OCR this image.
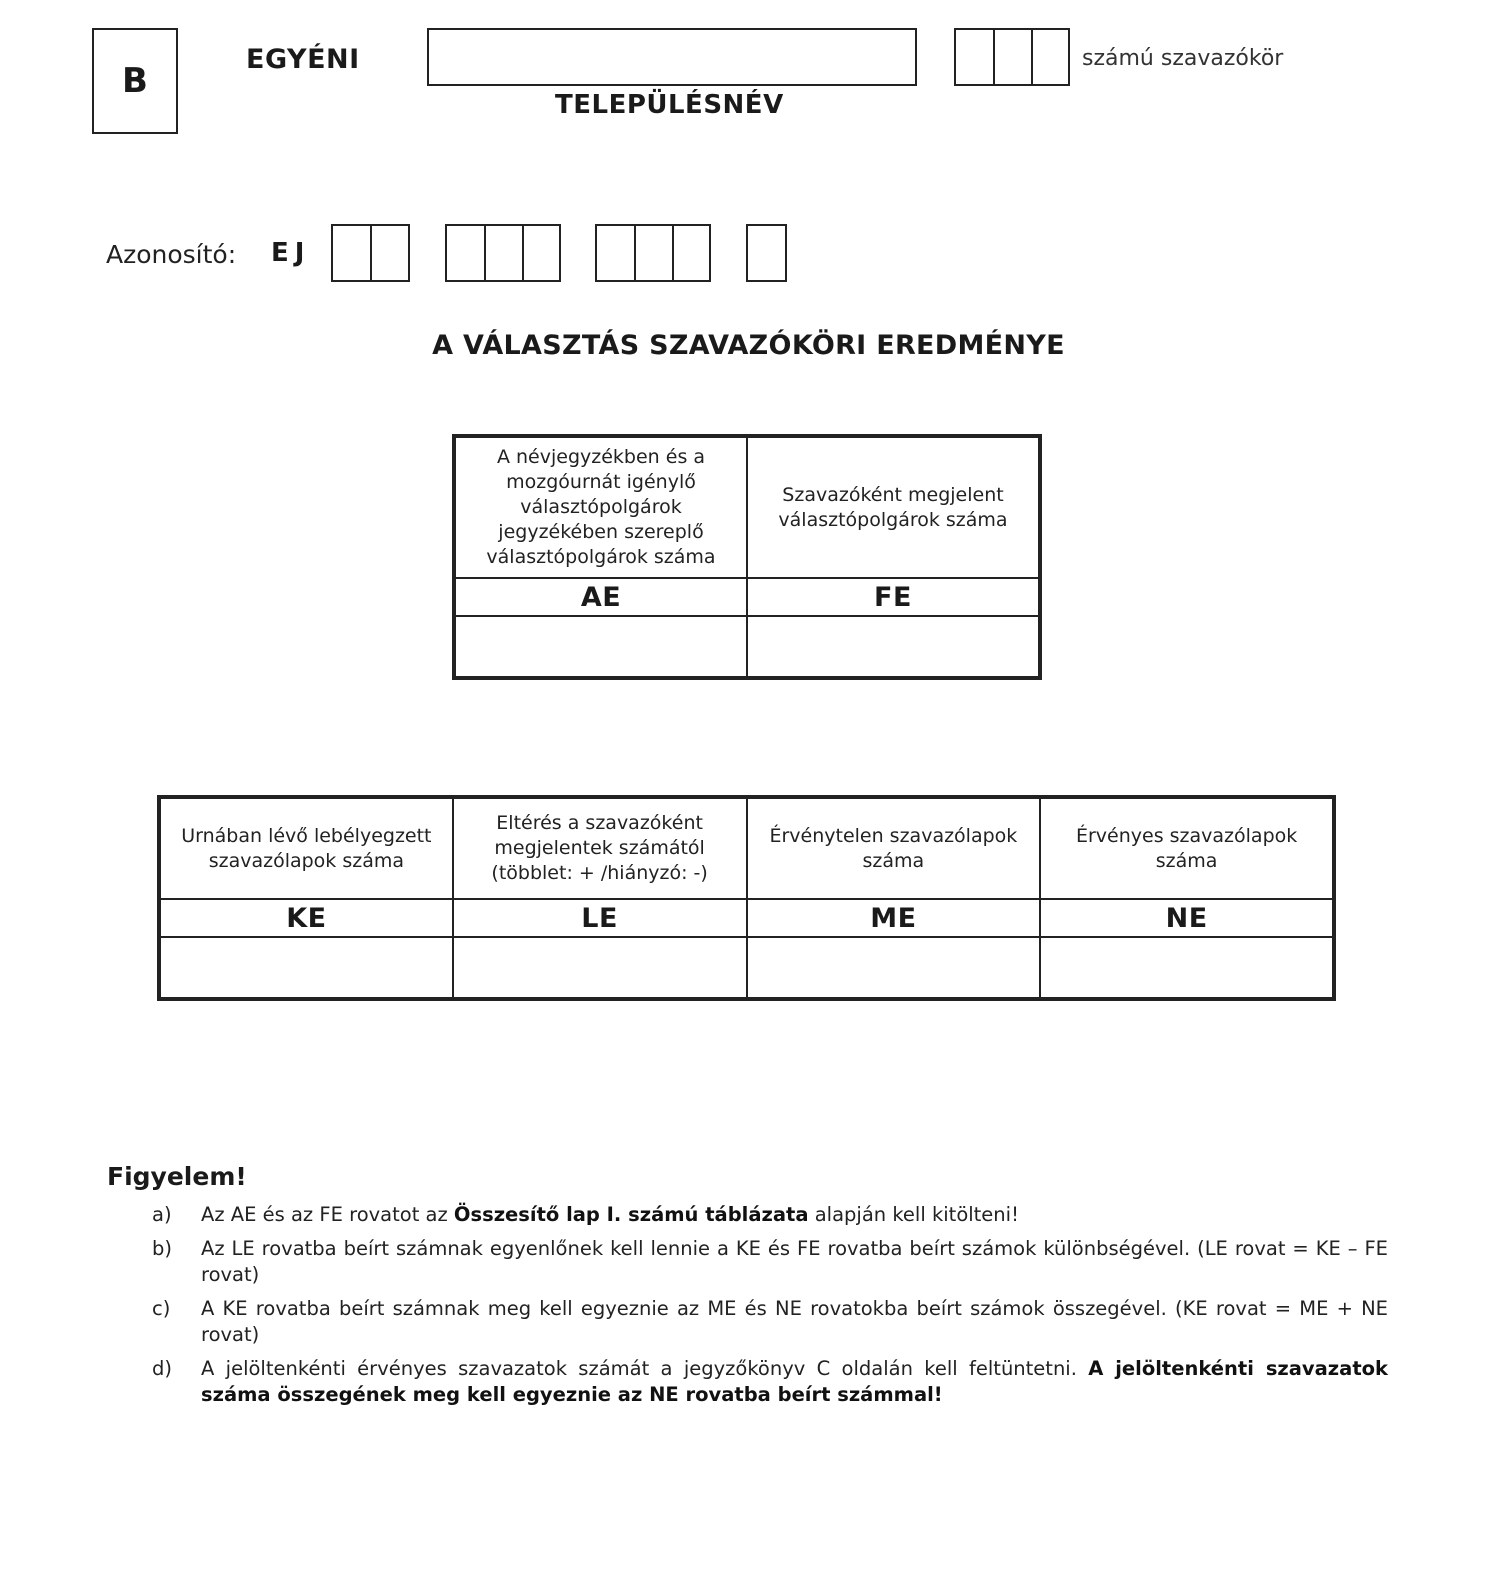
B
EGYÉNI
TELEPÜLÉSNÉV
számú szavazókör
Azonosító: EJ
A VÁLASZTÁS SZAVAZÓKÖRI EREDMÉNYE
A névjegyzékben és a mozgóurnát igénylő választópolgárok jegyzékében szereplő választópolgárok száma	Szavazóként megjelent választópolgárok száma
AE	FE

Urnában lévő lebélyegzett szavazólapok száma	Eltérés a szavazóként megjelentek számától (többlet: + /hiányzó: -)	Érvénytelen szavazólapok száma	Érvényes szavazólapok száma
KE	LE	ME	NE

Figyelem!
a)	Az AE és az FE rovatot az Összesítő lap I. számú táblázata alapján kell kitölteni!
b)	Az LE rovatba beírt számnak egyenlőnek kell lennie a KE és FE rovatba beírt számok különbségével. (LE rovat = KE – FE rovat)
c)	A KE rovatba beírt számnak meg kell egyeznie az ME és NE rovatokba beírt számok összegével. (KE rovat = ME + NE rovat)
d)	A jelöltenkénti érvényes szavazatok számát a jegyzőkönyv C oldalán kell feltüntetni. A jelöltenkénti szavazatok száma összegének meg kell egyeznie az NE rovatba beírt számmal!
